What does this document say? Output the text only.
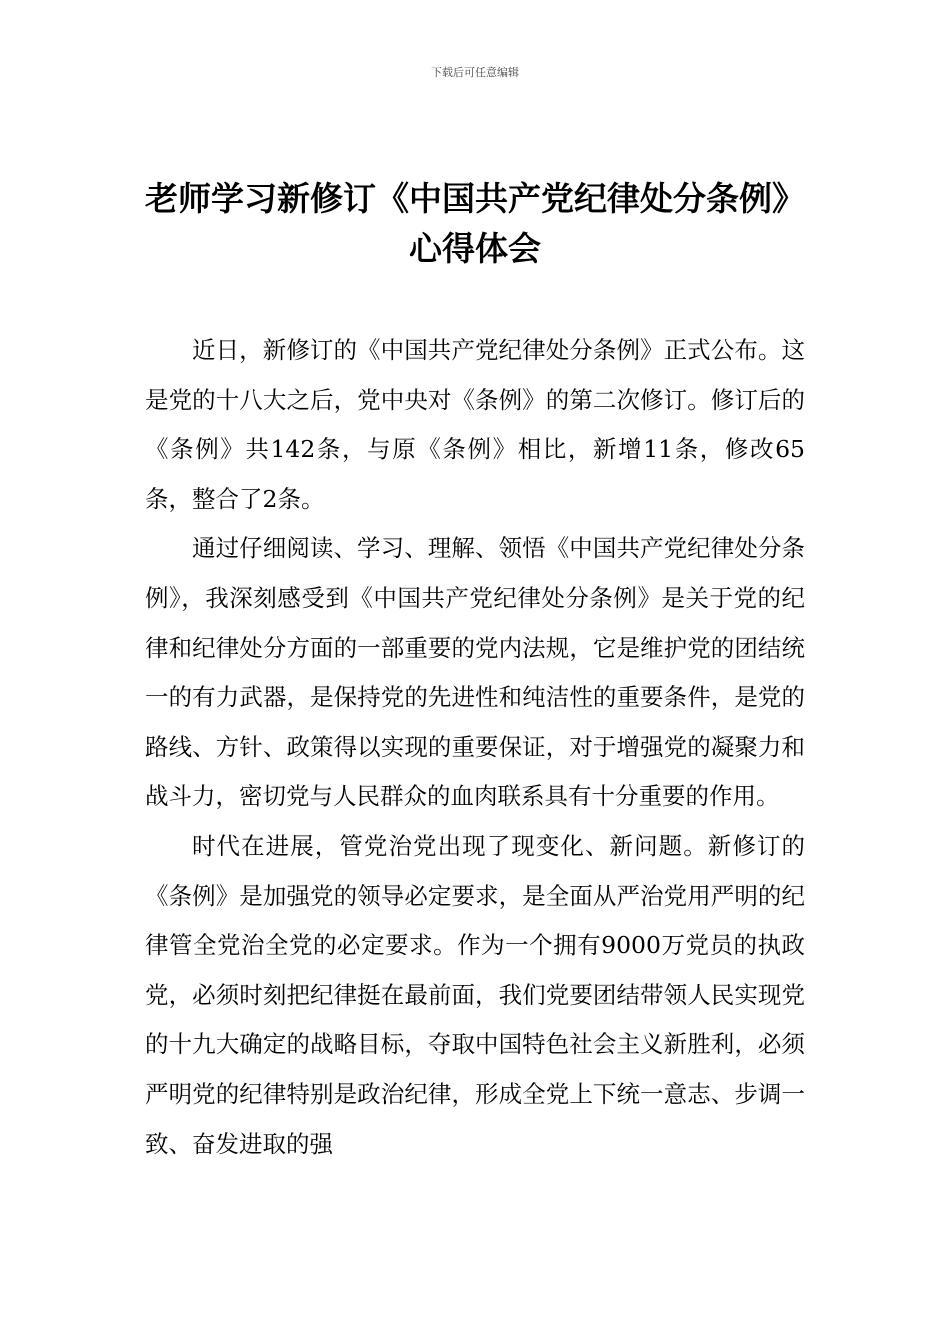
下载后可任意编辑
老师学习新修订《中国共产党纪律处分条例》心得体会

近日，新修订的《中国共产党纪律处分条例》正式公布。这是党的十八大之后，党中央对《条例》的第二次修订。修订后的《条例》共142条，与原《条例》相比，新增11条，修改65条，整合了2条。

通过仔细阅读、学习、理解、领悟《中国共产党纪律处分条例》，我深刻感受到《中国共产党纪律处分条例》是关于党的纪律和纪律处分方面的一部重要的党内法规，它是维护党的团结统一的有力武器，是保持党的先进性和纯洁性的重要条件，是党的路线、方针、政策得以实现的重要保证，对于增强党的凝聚力和战斗力，密切党与人民群众的血肉联系具有十分重要的作用。

时代在进展，管党治党出现了现变化、新问题。新修订的《条例》是加强党的领导必定要求，是全面从严治党用严明的纪律管全党治全党的必定要求。作为一个拥有9000万党员的执政党，必须时刻把纪律挺在最前面，我们党要团结带领人民实现党的十九大确定的战略目标，夺取中国特色社会主义新胜利，必须严明党的纪律特别是政治纪律，形成全党上下统一意志、步调一致、奋发进取的强
